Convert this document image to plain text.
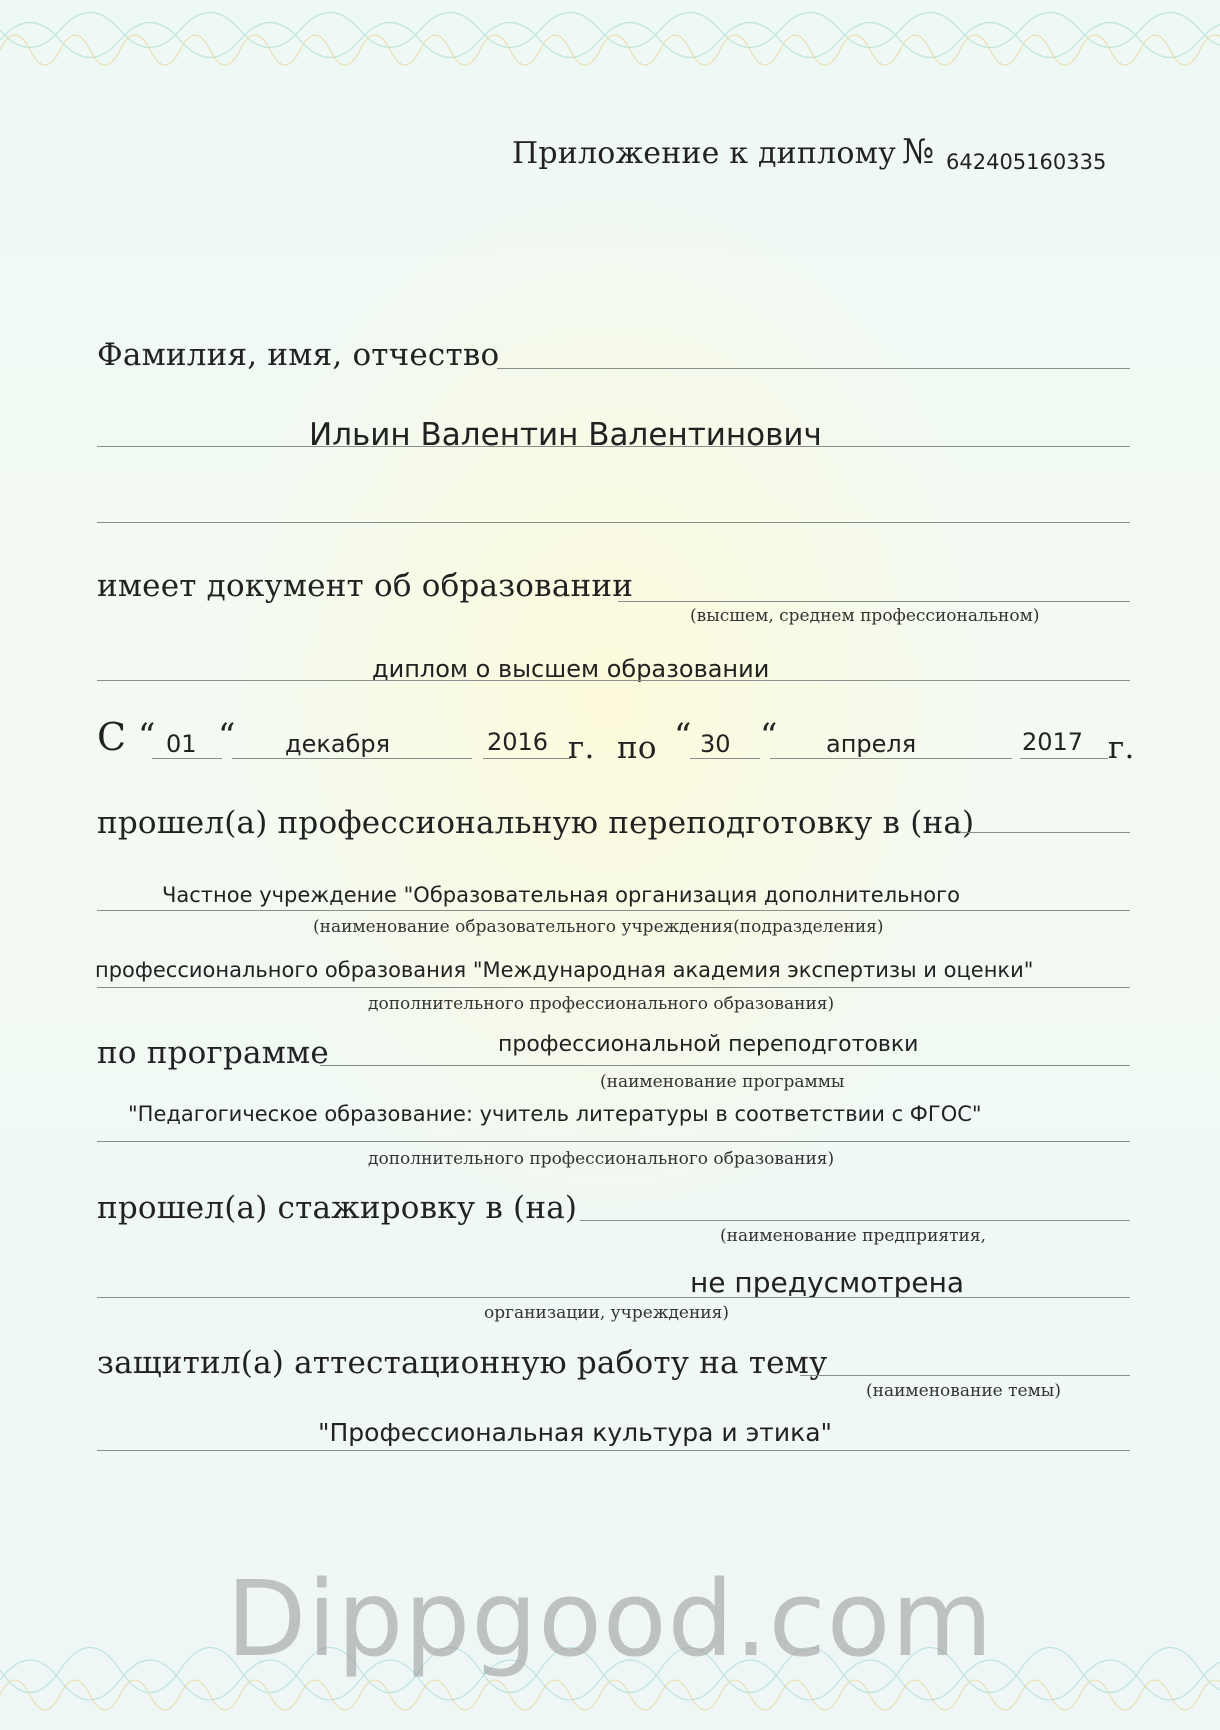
Приложение к диплому № 642405160335
Фамилия, имя, отчество
Ильин Валентин Валентинович
имеет документ об образовании
(высшем, среднем профессиональном)
диплом о высшем образовании
С “ 01 “ декабря	2016 г. по “ 30 “ апреля	2017 г.
прошел(а) профессиональную переподготовку в (на)
Частное учреждение "Образовательная организация дополнительного
(наименование образовательного учреждения(подразделения)
профессионального образования "Международная академия экспертизы и оценки"
дополнительного профессионального образования)
по программе	профессиональной переподготовки
(наименование программы
"Педагогическое образование: учитель литературы в соответствии с ФГОС"
дополнительного профессионального образования)
прошел(а) стажировку в (на)
(наименование предприятия,
не предусмотрена
организации, учреждения)
защитил(а) аттестационную работу на тему
(наименование темы)
"Профессиональная культура и этика"
Dippgood.com
